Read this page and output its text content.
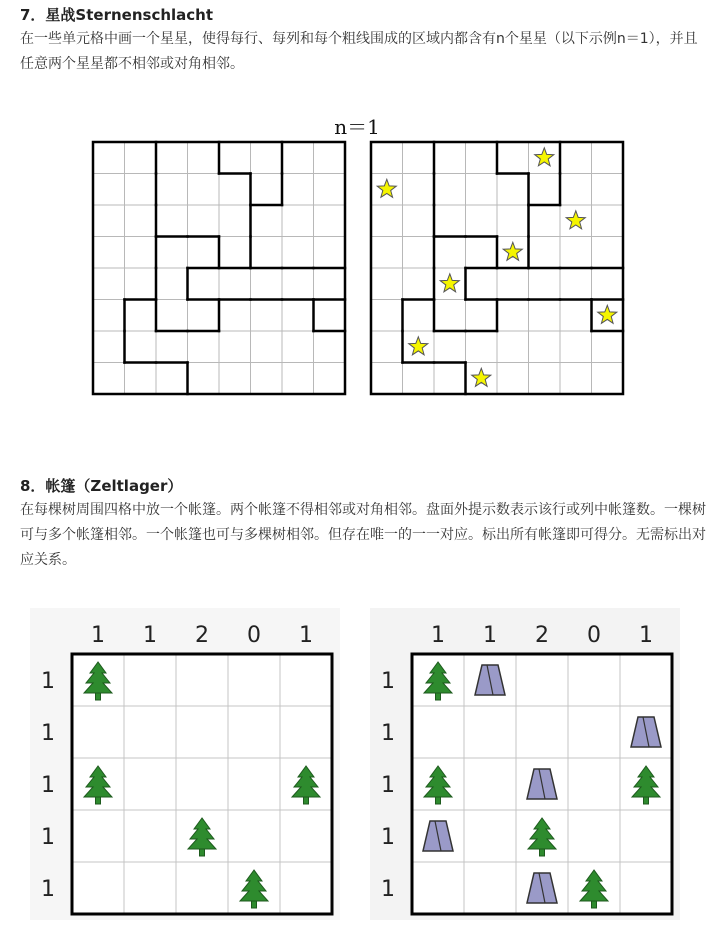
7．星战Sternenschlacht

在一些单元格中画一个星星，使得每行、每列和每个粗线围成的区域内都含有n个星星（以下示例n＝1），并且任意两个星星都不相邻或对角相邻。

n＝1
8．帐篷（Zeltlager）

在每棵树周围四格中放一个帐篷。两个帐篷不得相邻或对角相邻。盘面外提示数表示该行或列中帐篷数。一棵树可与多个帐篷相邻。一个帐篷也可与多棵树相邻。但存在唯一的一一对应。标出所有帐篷即可得分。无需标出对应关系。

1 1 2 0 1
1
1
1
1
1
1 1 2 0 1
1
1
1
1
1
